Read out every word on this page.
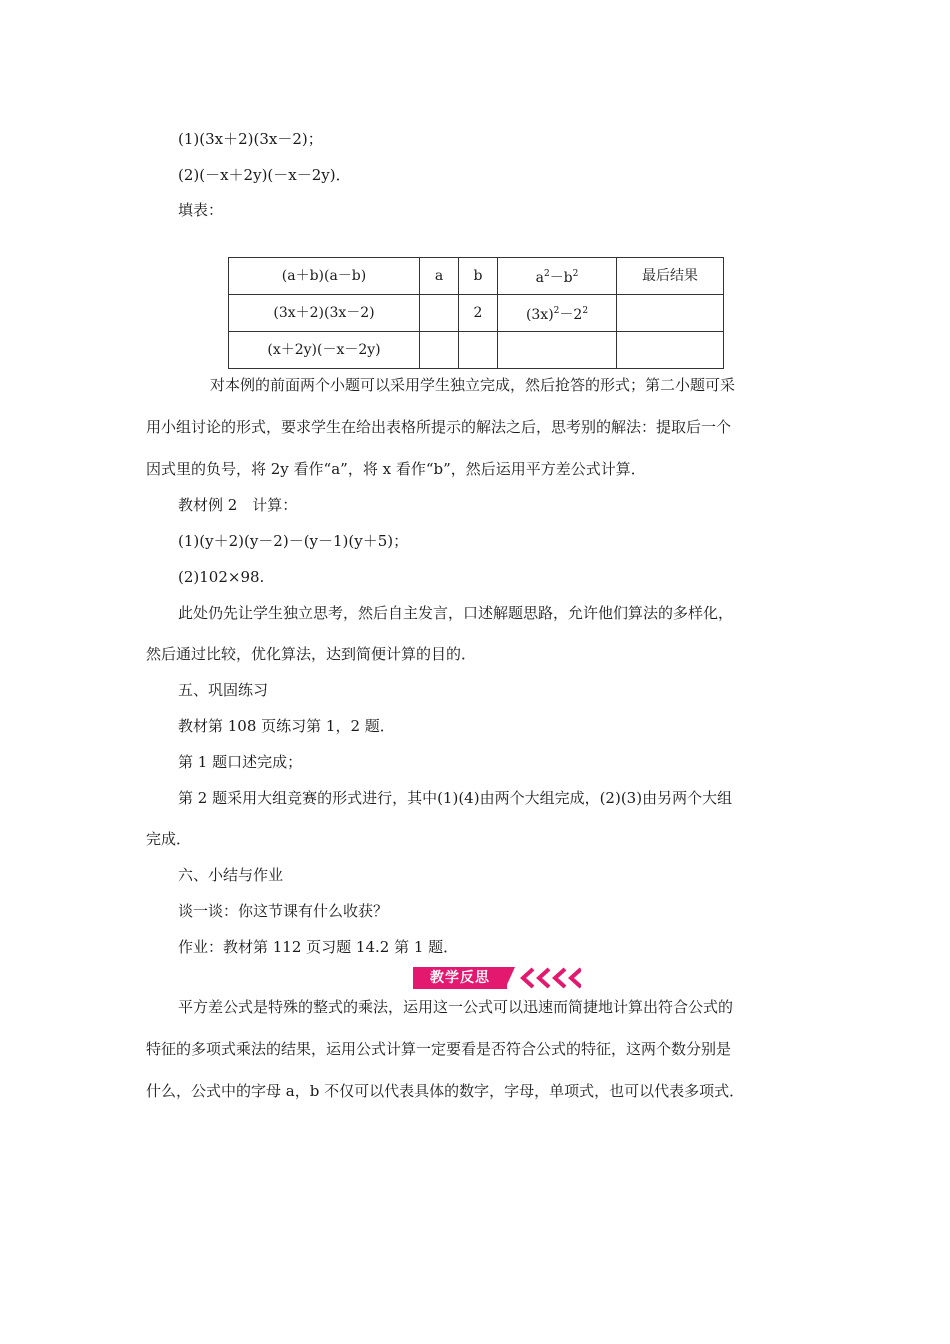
(1)(3x＋2)(3x－2)；
(2)(－x＋2y)(－x－2y)．
填表：
(a＋b)(a－b)	a	b	$a^2-b^2$	最后结果
(3x＋2)(3x－2)		2	$(3x)^2-2^2$	
(x＋2y)(－x－2y)				
对本例的前面两个小题可以采用学生独立完成，然后抢答的形式；第二小题可采
用小组讨论的形式，要求学生在给出表格所提示的解法之后，思考别的解法：提取后一个
因式里的负号，将 2y 看作“a”，将 x 看作“b”，然后运用平方差公式计算．
教材例 2　计算：
(1)(y＋2)(y－2)－(y－1)(y＋5)；
(2)102×98.
此处仍先让学生独立思考，然后自主发言，口述解题思路，允许他们算法的多样化，
然后通过比较，优化算法，达到简便计算的目的．
五、巩固练习
教材第 108 页练习第 1，2 题．
第 1 题口述完成；
第 2 题采用大组竞赛的形式进行，其中(1)(4)由两个大组完成，(2)(3)由另两个大组
完成．
六、小结与作业
谈一谈：你这节课有什么收获？
作业：教材第 112 页习题 14.2 第 1 题．
教学反思
平方差公式是特殊的整式的乘法，运用这一公式可以迅速而简捷地计算出符合公式的
特征的多项式乘法的结果，运用公式计算一定要看是否符合公式的特征，这两个数分别是
什么，公式中的字母 a，b 不仅可以代表具体的数字，字母，单项式，也可以代表多项式．
